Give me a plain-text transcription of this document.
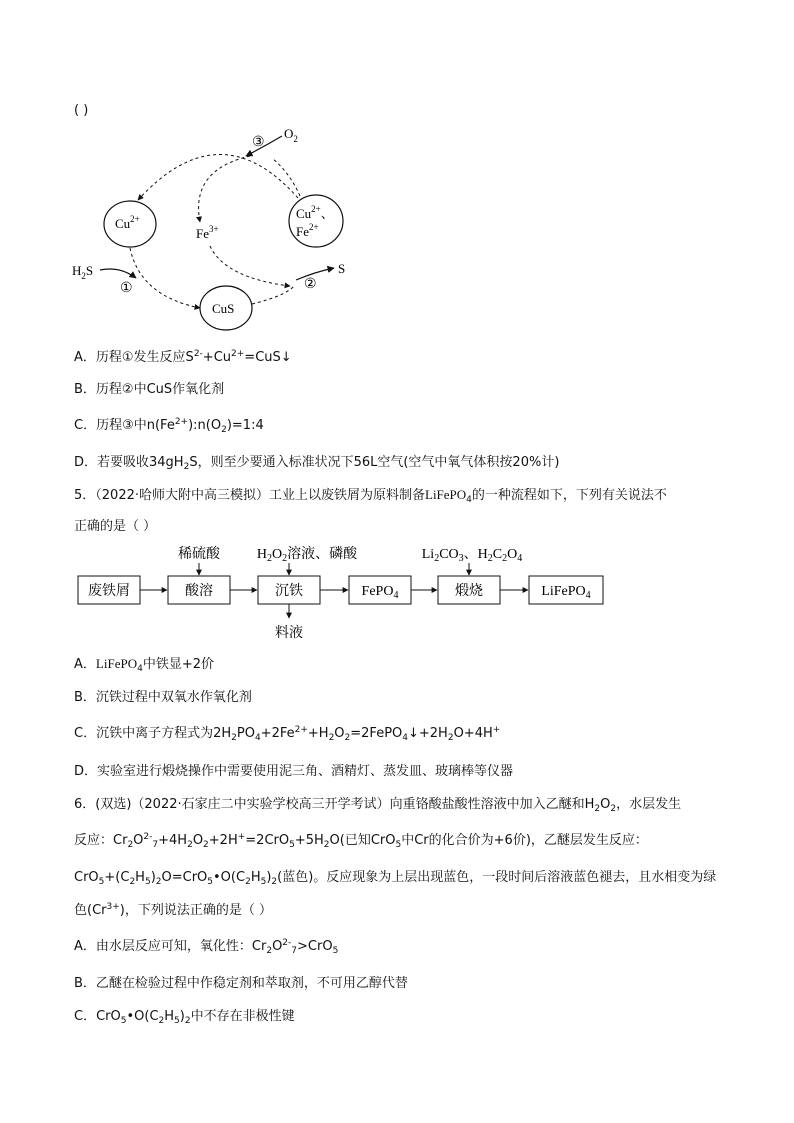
( )
③
$O_2$
$Cu^{2+}$
$Fe^{3+}$
$Cu^{2+}$、
$Fe^{2+}$
$H_2S$
①
CuS
②
S
A．历程①发生反应$S^{2-}+Cu^{2+}=CuS↓$
B．历程②中CuS作氧化剂
C．历程③中$n(Fe^{2+}):n(O_2)=1:4$
D．若要吸收$34gH_2S$，则至少要通入标准状况下56L空气(空气中氧气体积按20%计)
5．（2022·哈师大附中高三模拟）工业上以废铁屑为原料制备LiFePO$_4$的一种流程如下，下列有关说法不
正确的是（ ）
废铁屑	酸溶	沉铁	FePO$_4$	煅烧	LiFePO$_4$
稀硫酸	$H_2O_2$溶液、磷酸	$Li_2CO_3$、$H_2C_2O_4$
料液
A．LiFePO$_4$中铁显+2价
B．沉铁过程中双氧水作氧化剂
C．沉铁中离子方程式为$2H_2PO_4+2Fe^{2+}+H_2O_2=2FePO_4↓+2H_2O+4H^+$
D．实验室进行煅烧操作中需要使用泥三角、酒精灯、蒸发皿、玻璃棒等仪器
6．(双选)（2022·石家庄二中实验学校高三开学考试）向重铬酸盐酸性溶液中加入乙醚和$H_2O_2$，水层发生
反应：$Cr_2O^{2-}_7+4H_2O_2+2H^+=2CrO_5+5H_2O$(已知CrO$_5$中Cr的化合价为+6价)，乙醚层发生反应：
$CrO_5+(C_2H_5)_2O=CrO_5•O(C_2H_5)_2$(蓝色)。反应现象为上层出现蓝色，一段时间后溶液蓝色褪去，且水相变为绿
色$(Cr^{3+})$，下列说法正确的是（ ）
A．由水层反应可知，氧化性：$Cr_2O^{2-}_7>CrO_5$
B．乙醚在检验过程中作稳定剂和萃取剂，不可用乙醇代替
C．$CrO_5•O(C_2H_5)_2$中不存在非极性键
